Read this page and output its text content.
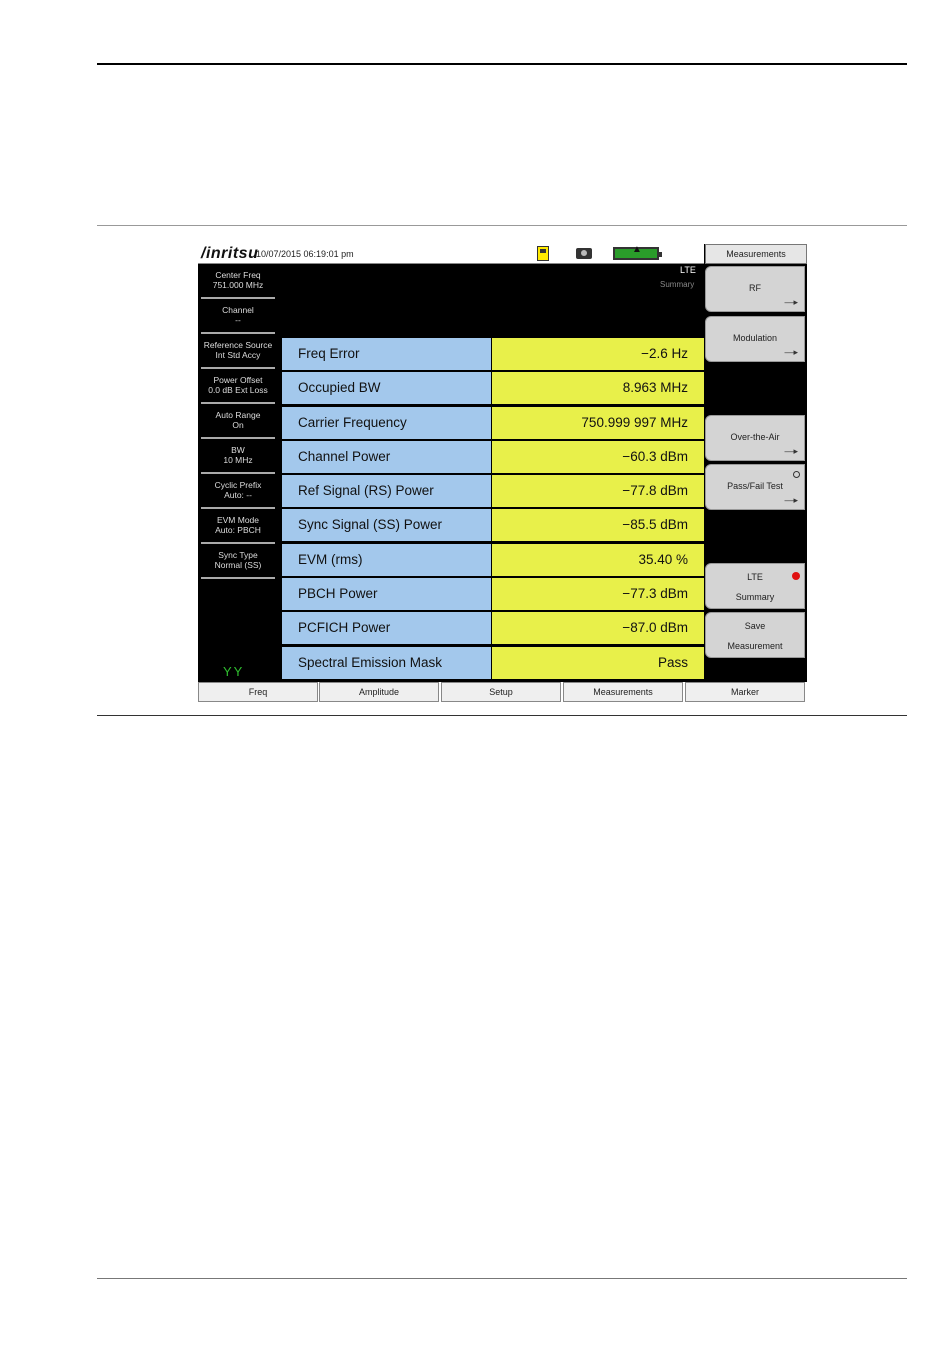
/inritsu
10/07/2015 06:19:01 pm	▲
LTE
Summary
Center Freq
751.000 MHz
Channel
--
Reference Source
Int Std Accy
Power Offset
0.0 dB Ext Loss
Auto Range
On
BW
10 MHz
Cyclic Prefix
Auto: --
EVM Mode
Auto: PBCH
Sync Type
Normal (SS)
ΥΥ
Freq Error	−2.6 Hz
Occupied BW	8.963 MHz
Carrier Frequency	750.999 997 MHz
Channel Power	−60.3 dBm
Ref Signal (RS) Power	−77.8 dBm
Sync Signal (SS) Power	−85.5 dBm
EVM (rms)	35.40 %
PBCH Power	−77.3 dBm
PCFICH Power	−87.0 dBm
Spectral Emission Mask	Pass
Measurements
RF
—▸
Modulation
—▸
Over-the-Air
—▸
Pass/Fail Test
—▸
LTE
Summary
Save
Measurement
Freq	Amplitude	Setup	Measurements	Marker
